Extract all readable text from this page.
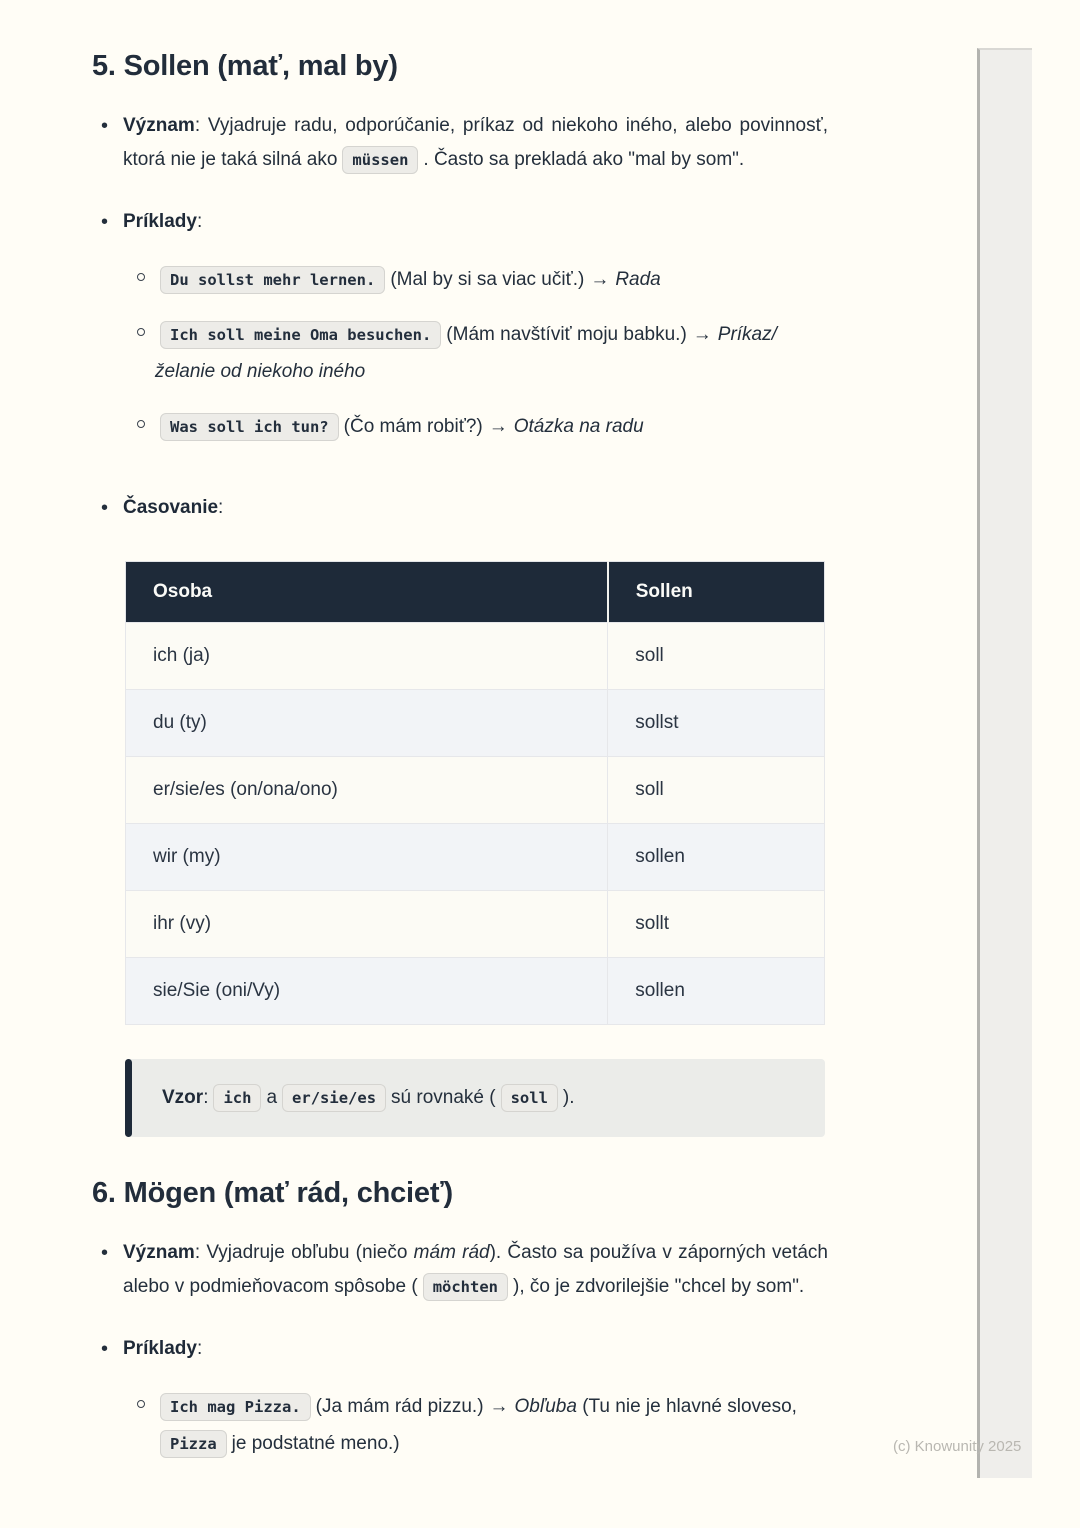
5. Sollen (mať, mal by)
• Význam: Vyjadruje radu, odporúčanie, príkaz od niekoho iného, alebo povinnosť, ktorá nie je taká silná ako müssen . Často sa prekladá ako "mal by som".
• Príklady:
Du sollst mehr lernen. (Mal by si sa viac učiť.) → Rada
Ich soll meine Oma besuchen. (Mám navštíviť moju babku.) → Príkaz/želanie od niekoho iného
Was soll ich tun? (Čo mám robiť?) → Otázka na radu
• Časovanie:
Osoba	Sollen
ich (ja)	soll
du (ty)	sollst
er/sie/es (on/ona/ono)	soll
wir (my)	sollen
ihr (vy)	sollt
sie/Sie (oni/Vy)	sollen
Vzor: ich a er/sie/es sú rovnaké ( soll ).
6. Mögen (mať rád, chcieť)
• Význam: Vyjadruje obľubu (niečo mám rád). Často sa používa v záporných vetách alebo v podmieňovacom spôsobe ( möchten ), čo je zdvorilejšie "chcel by som".
• Príklady:
Ich mag Pizza. (Ja mám rád pizzu.) → Obľuba (Tu nie je hlavné sloveso,Pizza je podstatné meno.)	(c) Knowunity 2025
